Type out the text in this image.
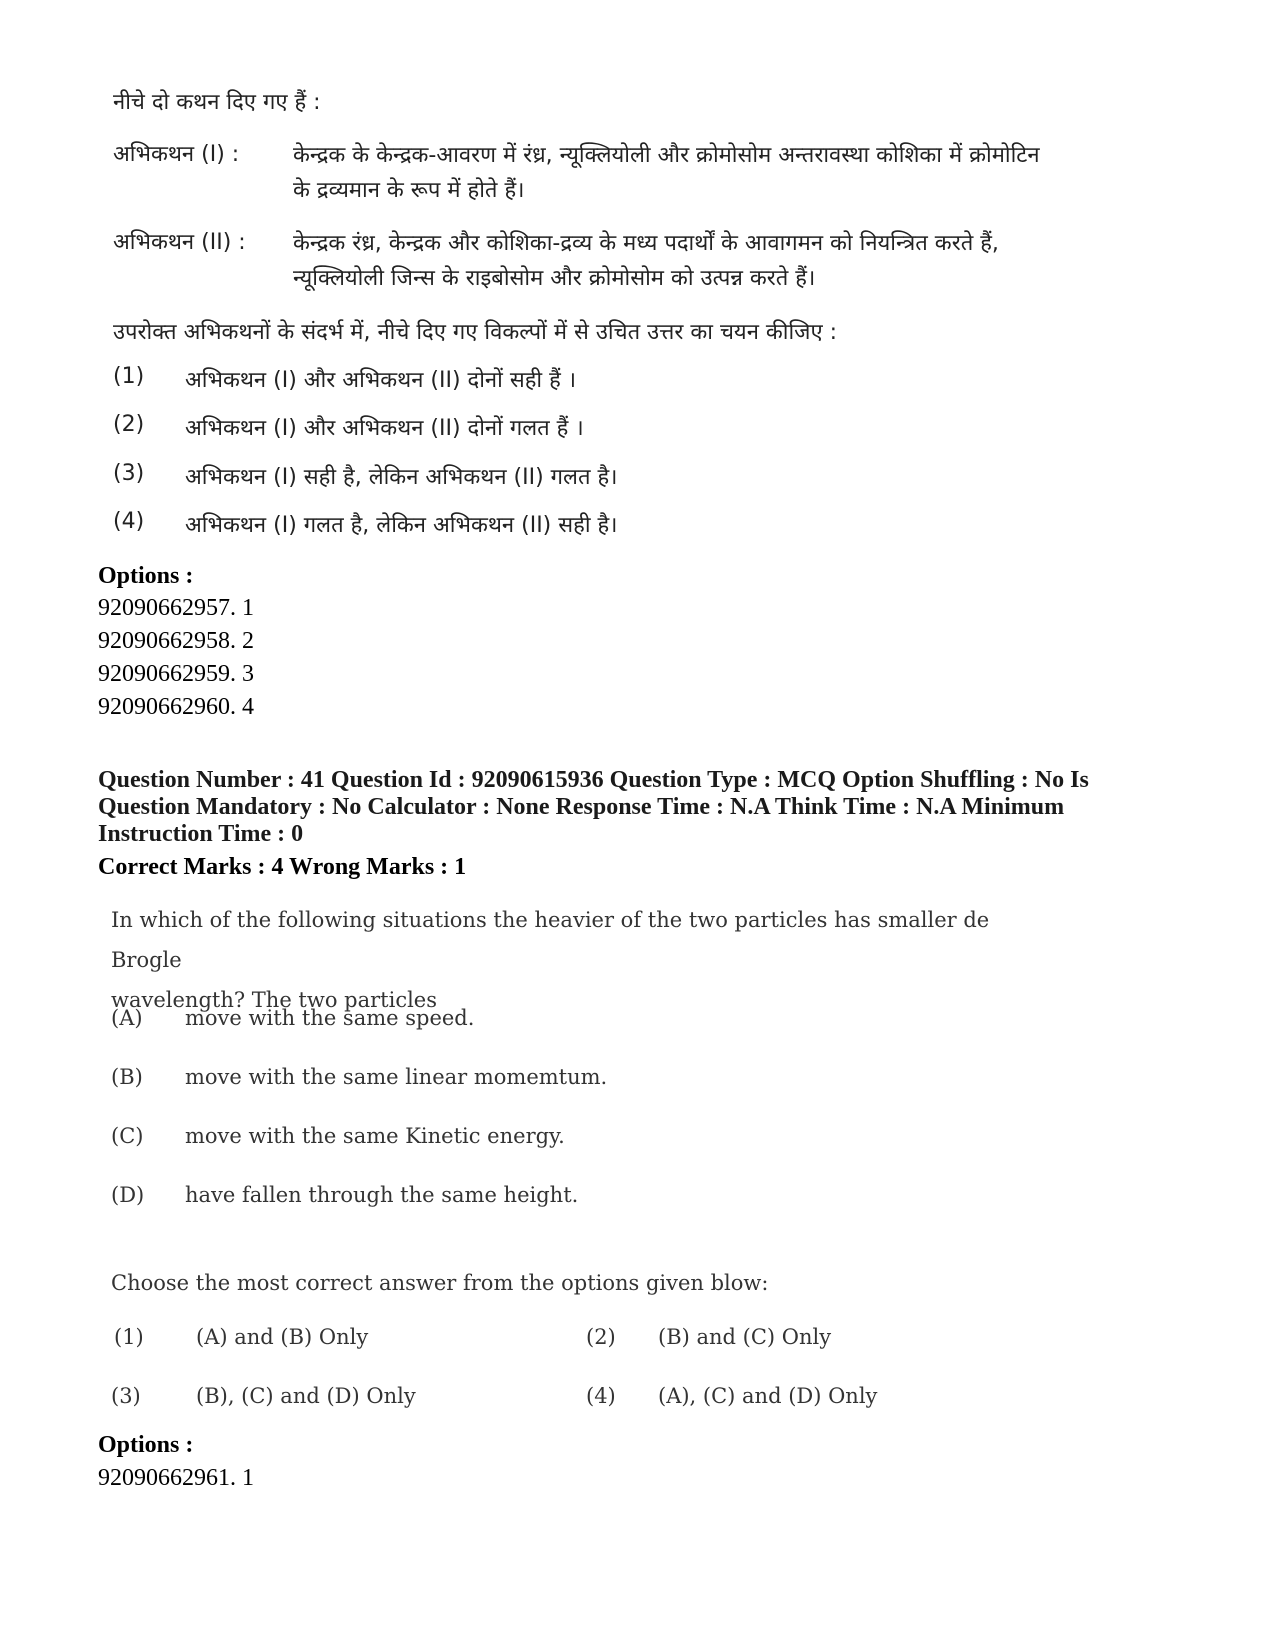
नीचे दो कथन दिए गए हैं :
अभिकथन (I) :	केन्द्रक के केन्द्रक-आवरण में रंध्र, न्यूक्लियोली और क्रोमोसोम अन्तरावस्था कोशिका में क्रोमोटिन के द्रव्यमान के रूप में होते हैं।
अभिकथन (II) :	केन्द्रक रंध्र, केन्द्रक और कोशिका-द्रव्य के मध्य पदार्थों के आवागमन को नियन्त्रित करते हैं, न्यूक्लियोली जिन्स के राइबोसोम और क्रोमोसोम को उत्पन्न करते हैं।
उपरोक्त अभिकथनों के संदर्भ में, नीचे दिए गए विकल्पों में से उचित उत्तर का चयन कीजिए :
(1)	अभिकथन (I) और अभिकथन (II) दोनों सही हैं ।
(2)	अभिकथन (I) और अभिकथन (II) दोनों गलत हैं ।
(3)	अभिकथन (I) सही है, लेकिन अभिकथन (II) गलत है।
(4)	अभिकथन (I) गलत है, लेकिन अभिकथन (II) सही है।
Options :
92090662957. 1
92090662958. 2
92090662959. 3
92090662960. 4
Question Number : 41 Question Id : 92090615936 Question Type : MCQ Option Shuffling : No Is
Question Mandatory : No Calculator : None Response Time : N.A Think Time : N.A Minimum
Instruction Time : 0
Correct Marks : 4 Wrong Marks : 1
In which of the following situations the heavier of the two particles has smaller de Brogle
wavelength? The two particles
(A)	move with the same speed.
(B)	move with the same linear momemtum.
(C)	move with the same Kinetic energy.
(D)	have fallen through the same height.
Choose the most correct answer from the options given blow:
(1)	(A) and (B) Only	(2)	(B) and (C) Only
(3)	(B), (C) and (D) Only	(4)	(A), (C) and (D) Only
Options :
92090662961. 1
